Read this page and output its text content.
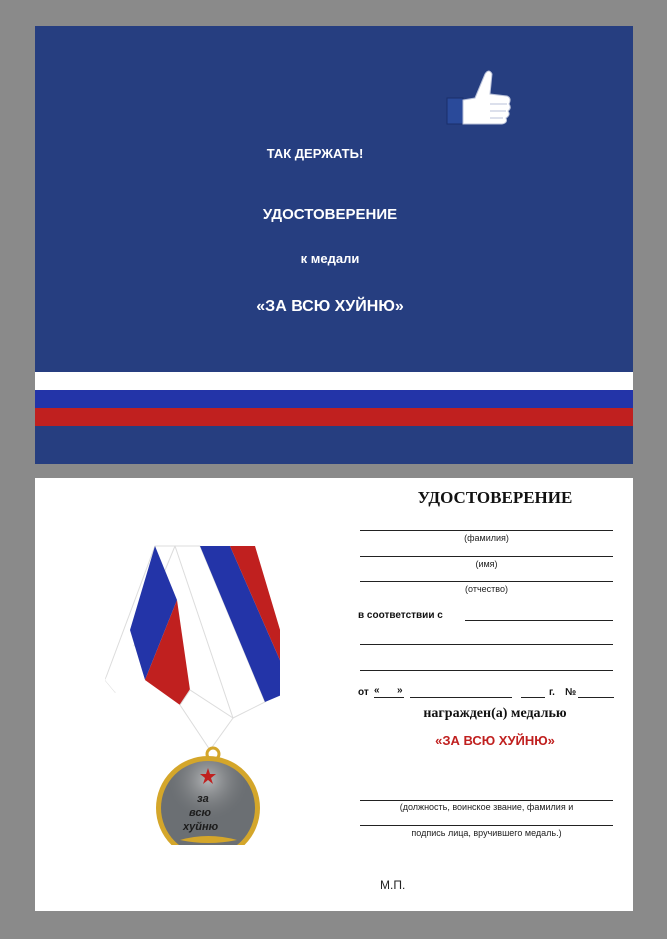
ТАК ДЕРЖАТЬ!
УДОСТОВЕРЕНИЕ
к медали
«ЗА ВСЮ ХУЙНЮ»
за
всю
хуйню
УДОСТОВЕРЕНИЕ
(фамилия)
(имя)
(отчество)
в соответствии с
от « »	г. №
награжден(а) медалью
«ЗА ВСЮ ХУЙНЮ»
(должность, воинское звание, фамилия и
подпись лица, вручившего медаль.)
М.П.
